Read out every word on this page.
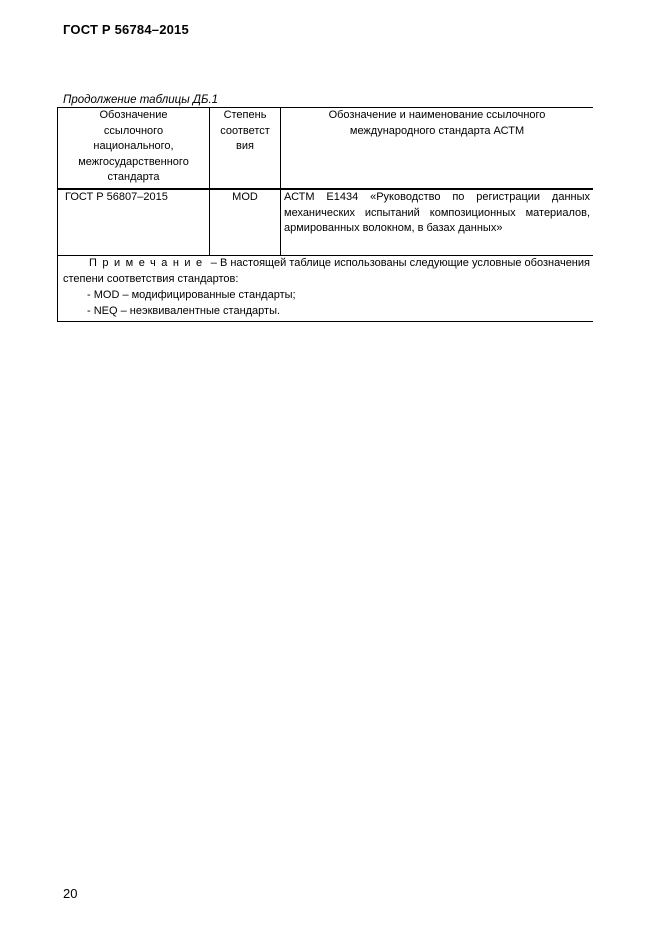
ГОСТ Р 56784–2015
Продолжение таблицы ДБ.1
Обозначение
ссылочного
национального,
межгосударственного
стандарта
Степень
соответст
вия
Обозначение и наименование ссылочного
международного стандарта АСТМ
ГОСТ Р 56807–2015	MOD	АСТМ Е1434 «Руководство по регистрации данных механических испытаний композиционных материалов, армированных волокном, в базах данных»
Примечание – В настоящей таблице использованы следующие условные обозначения степени соответствия стандартов:
- MOD – модифицированные стандарты;
- NEQ – неэквивалентные стандарты.
20
